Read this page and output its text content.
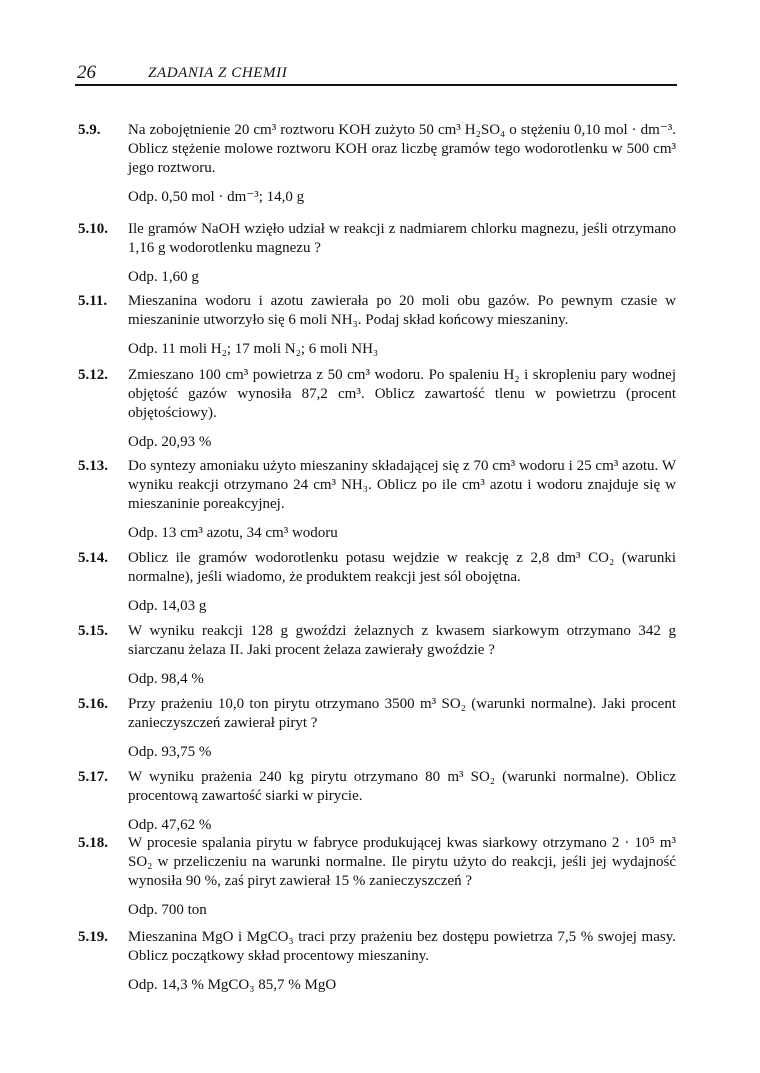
26	ZADANIA Z CHEMII
5.9. Na zobojętnienie 20 cm³ roztworu KOH zużyto 50 cm³ H₂SO₄ o stężeniu 0,10 mol · dm⁻³. Oblicz stężenie molowe roztworu KOH oraz liczbę gramów tego wodorotlenku w 500 cm³ jego roztworu.
Odp. 0,50 mol · dm⁻³; 14,0 g
5.10. Ile gramów NaOH wzięło udział w reakcji z nadmiarem chlorku magnezu, jeśli otrzymano 1,16 g wodorotlenku magnezu ?
Odp. 1,60 g
5.11. Mieszanina wodoru i azotu zawierała po 20 moli obu gazów. Po pewnym czasie w mieszaninie utworzyło się 6 moli NH₃. Podaj skład końcowy mieszaniny.
Odp. 11 moli H₂; 17 moli N₂; 6 moli NH₃
5.12. Zmieszano 100 cm³ powietrza z 50 cm³ wodoru. Po spaleniu H₂ i skropleniu pary wodnej objętość gazów wynosiła 87,2 cm³. Oblicz zawartość tlenu w powietrzu (procent objętościowy).
Odp. 20,93 %
5.13. Do syntezy amoniaku użyto mieszaniny składającej się z 70 cm³ wodoru i 25 cm³ azotu. W wyniku reakcji otrzymano 24 cm³ NH₃. Oblicz po ile cm³ azotu i wodoru znajduje się w mieszaninie poreakcyjnej.
Odp. 13 cm³ azotu, 34 cm³ wodoru
5.14. Oblicz ile gramów wodorotlenku potasu wejdzie w reakcję z 2,8 dm³ CO₂ (warunki normalne), jeśli wiadomo, że produktem reakcji jest sól obojętna.
Odp. 14,03 g
5.15. W wyniku reakcji 128 g gwoździ żelaznych z kwasem siarkowym otrzymano 342 g siarczanu żelaza II. Jaki procent żelaza zawierały gwoździe ?
Odp. 98,4 %
5.16. Przy prażeniu 10,0 ton pirytu otrzymano 3500 m³ SO₂ (warunki normalne). Jaki procent zanieczyszczeń zawierał piryt ?
Odp. 93,75 %
5.17. W wyniku prażenia 240 kg pirytu otrzymano 80 m³ SO₂ (warunki normalne). Oblicz procentową zawartość siarki w pirycie.
Odp. 47,62 %
5.18. W procesie spalania pirytu w fabryce produkującej kwas siarkowy otrzymano 2 · 10⁵ m³ SO₂ w przeliczeniu na warunki normalne. Ile pirytu użyto do reakcji, jeśli jej wydajność wynosiła 90 %, zaś piryt zawierał 15 % zanieczyszczeń ?
Odp. 700 ton
5.19. Mieszanina MgO i MgCO₃ traci przy prażeniu bez dostępu powietrza 7,5 % swojej masy. Oblicz początkowy skład procentowy mieszaniny.
Odp. 14,3 % MgCO₃ 85,7 % MgO
